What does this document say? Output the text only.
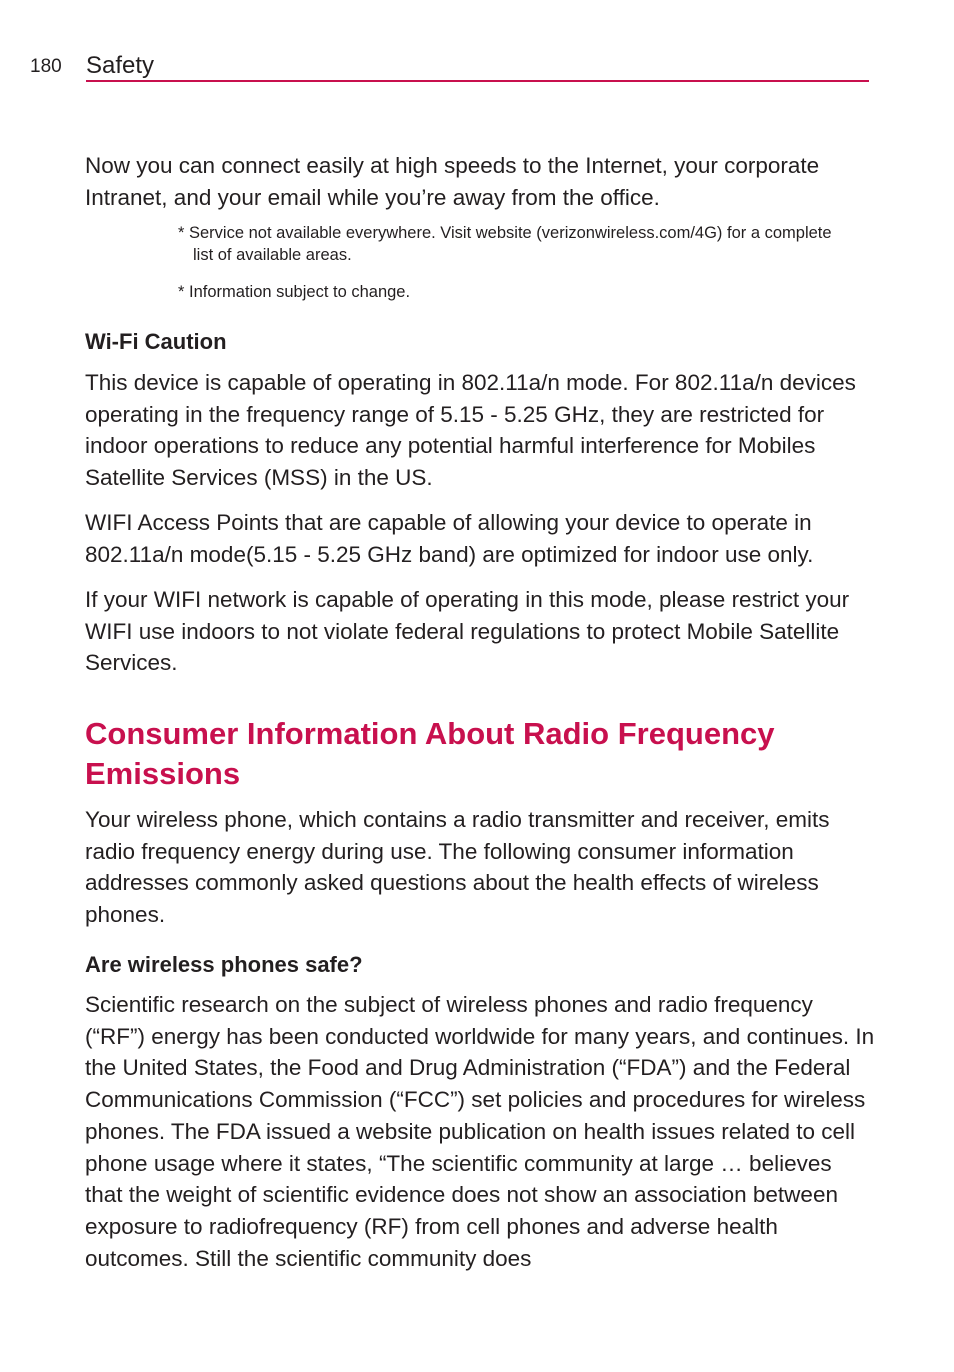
180 Safety

Now you can connect easily at high speeds to the Internet, your corporate Intranet, and your email while you’re away from the office.

* Service not available everywhere. Visit website (verizonwireless.com/4G) for a complete list of available areas.

* Information subject to change.

Wi-Fi Caution

This device is capable of operating in 802.11a/n mode. For 802.11a/n devices operating in the frequency range of 5.15 - 5.25 GHz, they are restricted for indoor operations to reduce any potential harmful interference for Mobiles Satellite Services (MSS) in the US.

WIFI Access Points that are capable of allowing your device to operate in 802.11a/n mode(5.15 - 5.25 GHz band) are optimized for indoor use only.

If your WIFI network is capable of operating in this mode, please restrict your WIFI use indoors to not violate federal regulations to protect Mobile Satellite Services.

Consumer Information About Radio Frequency Emissions

Your wireless phone, which contains a radio transmitter and receiver, emits radio frequency energy during use. The following consumer information addresses commonly asked questions about the health effects of wireless phones.

Are wireless phones safe?

Scientific research on the subject of wireless phones and radio frequency (“RF”) energy has been conducted worldwide for many years, and continues. In the United States, the Food and Drug Administration (“FDA”) and the Federal Communications Commission (“FCC”) set policies and procedures for wireless phones. The FDA issued a website publication on health issues related to cell phone usage where it states, “The scientific community at large … believes that the weight of scientific evidence does not show an association between exposure to radiofrequency (RF) from cell phones and adverse health outcomes. Still the scientific community does
